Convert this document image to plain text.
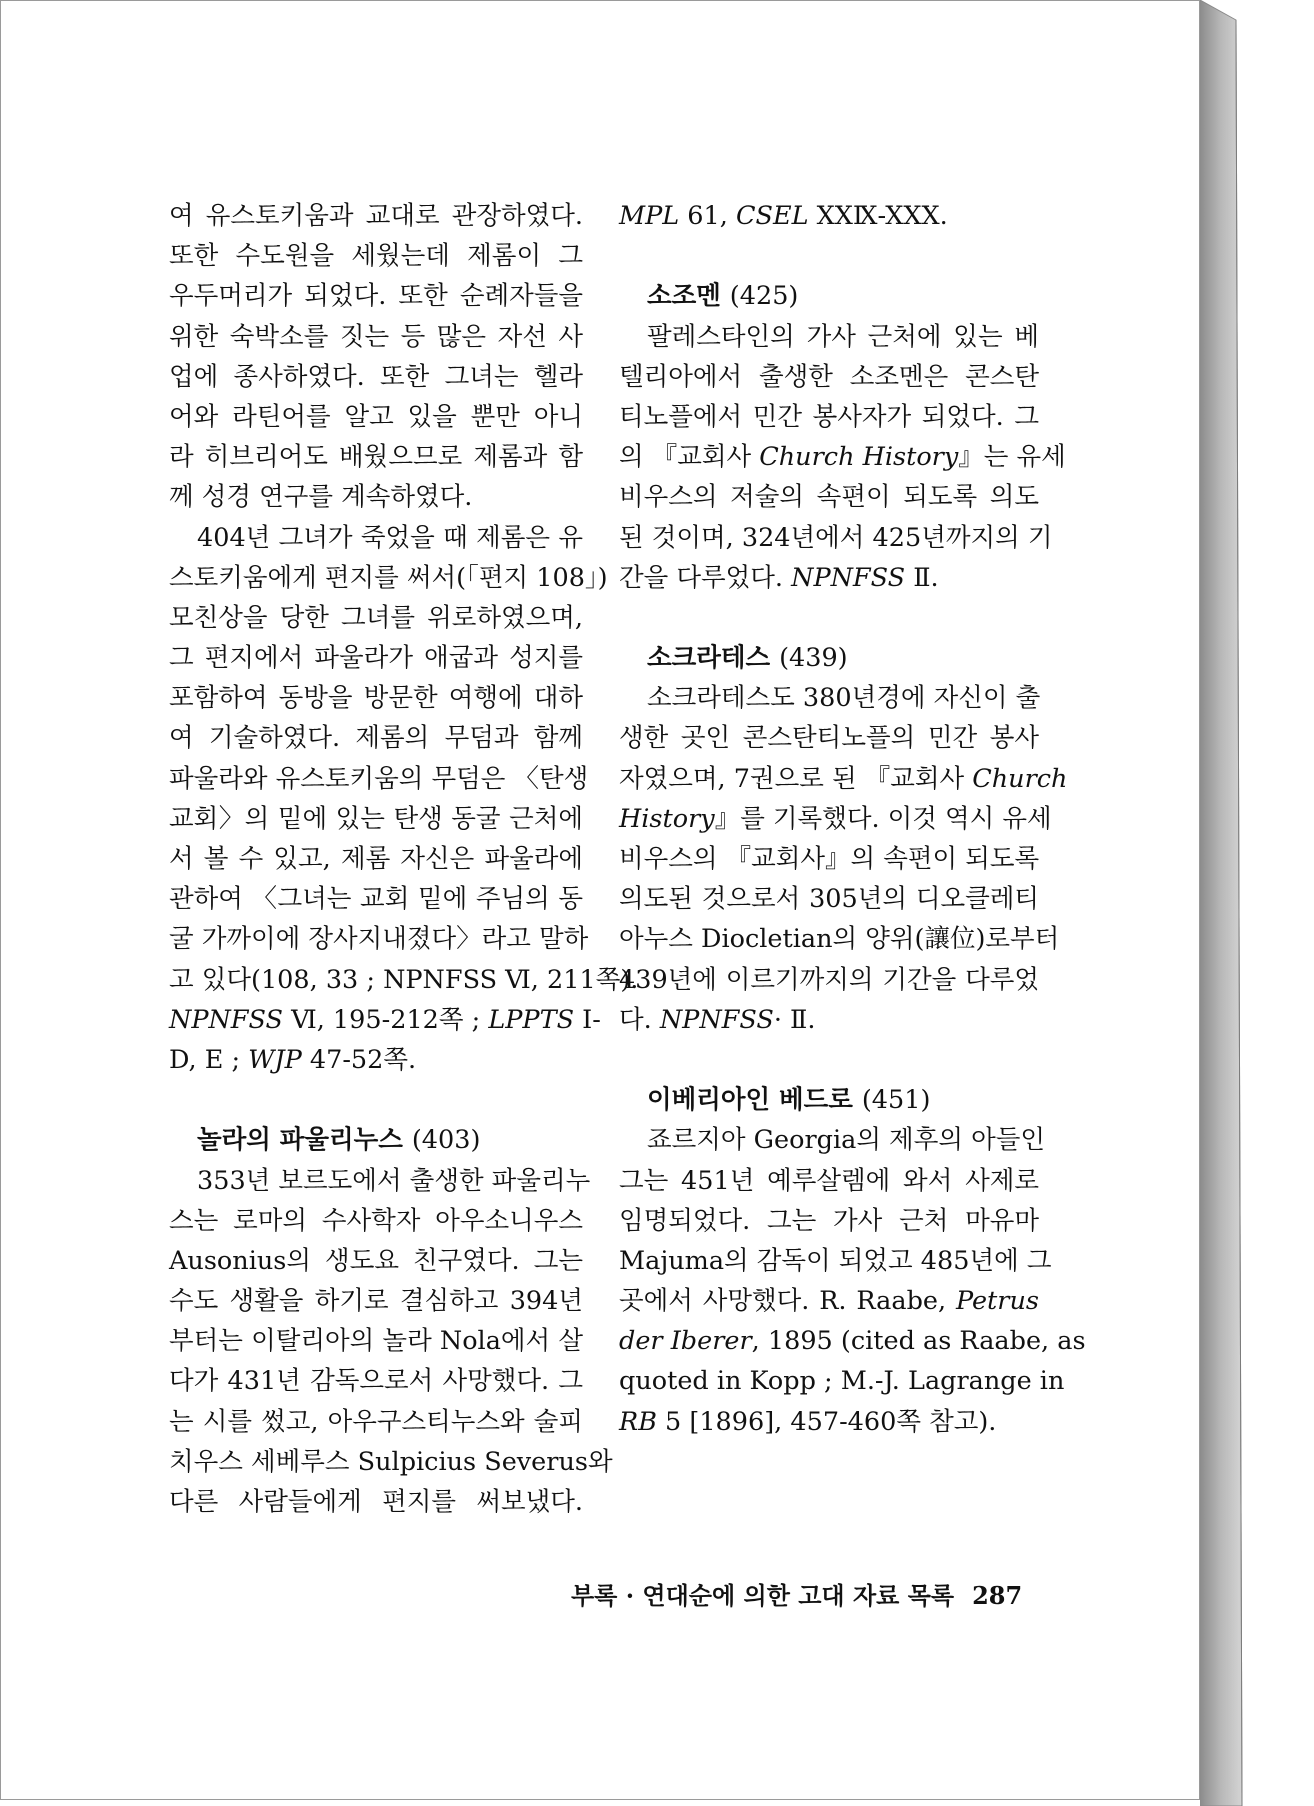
여 유스토키움과 교대로 관장하였다.
또한 수도원을 세웠는데 제롬이 그
우두머리가 되었다. 또한 순례자들을
위한 숙박소를 짓는 등 많은 자선 사
업에 종사하였다. 또한 그녀는 헬라
어와 라틴어를 알고 있을 뿐만 아니
라 히브리어도 배웠으므로 제롬과 함
께 성경 연구를 계속하였다.
404년 그녀가 죽었을 때 제롬은 유
스토키움에게 편지를 써서(「편지 108」)
모친상을 당한 그녀를 위로하였으며,
그 편지에서 파울라가 애굽과 성지를
포함하여 동방을 방문한 여행에 대하
여 기술하였다. 제롬의 무덤과 함께
파울라와 유스토키움의 무덤은 〈탄생
교회〉의 밑에 있는 탄생 동굴 근처에
서 볼 수 있고, 제롬 자신은 파울라에
관하여 〈그녀는 교회 밑에 주님의 동
굴 가까이에 장사지내졌다〉라고 말하
고 있다(108, 33 ; NPNFSS Ⅵ, 211쪽).
NPNFSS Ⅵ, 195-212쪽 ; LPPTS I-
D, E ; WJP 47-52쪽.
놀라의 파울리누스 (403)
353년 보르도에서 출생한 파울리누
스는 로마의 수사학자 아우소니우스
Ausonius의 생도요 친구였다. 그는
수도 생활을 하기로 결심하고 394년
부터는 이탈리아의 놀라 Nola에서 살
다가 431년 감독으로서 사망했다. 그
는 시를 썼고, 아우구스티누스와 술피
치우스 세베루스 Sulpicius Severus와
다른 사람들에게 편지를 써보냈다.
MPL 61, CSEL XXⅨ-XXX.
소조멘 (425)
팔레스타인의 가사 근처에 있는 베
텔리아에서 출생한 소조멘은 콘스탄
티노플에서 민간 봉사자가 되었다. 그
의 『교회사 Church History』는 유세
비우스의 저술의 속편이 되도록 의도
된 것이며, 324년에서 425년까지의 기
간을 다루었다. NPNFSS Ⅱ.
소크라테스 (439)
소크라테스도 380년경에 자신이 출
생한 곳인 콘스탄티노플의 민간 봉사
자였으며, 7권으로 된 『교회사 Church
History』를 기록했다. 이것 역시 유세
비우스의 『교회사』의 속편이 되도록
의도된 것으로서 305년의 디오클레티
아누스 Diocletian의 양위(讓位)로부터
439년에 이르기까지의 기간을 다루었
다. NPNFSS· Ⅱ.
이베리아인 베드로 (451)
죠르지아 Georgia의 제후의 아들인
그는 451년 예루살렘에 와서 사제로
임명되었다. 그는 가사 근처 마유마
Majuma의 감독이 되었고 485년에 그
곳에서 사망했다. R. Raabe, Petrus
der Iberer, 1895 (cited as Raabe, as
quoted in Kopp ; M.-J. Lagrange in
RB 5 [1896], 457-460쪽 참고).
부록 · 연대순에 의한 고대 자료 목록 287
